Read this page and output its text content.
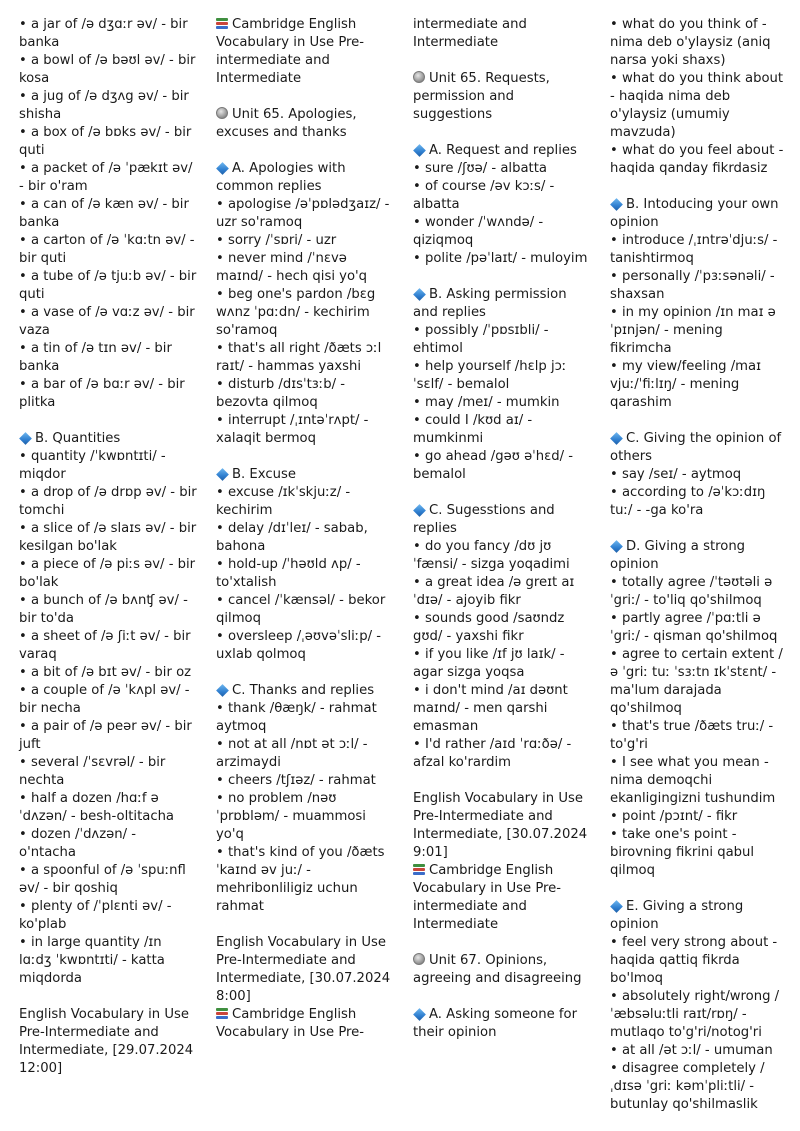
• a jar of /ə dʒɑːr əv/ - bir banka
• a bowl of /ə bəʊl əv/ - bir kosa
• a jug of /ə dʒʌg əv/ - bir shisha
• a box of /ə bɒks əv/ - bir quti
• a packet of /ə ˈpækɪt əv/ - bir o'ram
• a can of /ə kæn əv/ - bir banka
• a carton of /ə ˈkɑːtn əv/ - bir quti
• a tube of /ə tjuːb əv/ - bir quti
• a vase of /ə vɑːz əv/ - bir vaza
• a tin of /ə tɪn əv/ - bir banka
• a bar of /ə bɑːr əv/ - bir plitka
B. Quantities
• quantity /ˈkwɒntɪti/ - miqdor
• a drop of /ə drɒp əv/ - bir tomchi
• a slice of /ə slaɪs əv/ - bir kesilgan bo'lak
• a piece of /ə piːs əv/ - bir bo'lak
• a bunch of /ə bʌnʧ əv/ - bir to'da
• a sheet of /ə ʃiːt əv/ - bir varaq
• a bit of /ə bɪt əv/ - bir oz
• a couple of /ə ˈkʌpl əv/ - bir necha
• a pair of /ə peər əv/ - bir juft
• several /ˈsɛvrəl/ - bir nechta
• half a dozen /hɑːf ə ˈdʌzən/ - besh-oltitacha
• dozen /ˈdʌzən/ - o'ntacha
• a spoonful of /ə ˈspuːnfl əv/ - bir qoshiq
• plenty of /ˈplɛnti əv/ - ko'plab
• in large quantity /ɪn lɑːdʒ ˈkwɒntɪti/ - katta miqdorda
English Vocabulary in Use Pre-Intermediate and Intermediate, [29.07.2024 12:00]
Cambridge English Vocabulary in Use Pre-intermediate and Intermediate
Unit 65. Apologies, excuses and thanks
A. Apologies with common replies
• apologise /əˈpɒlədʒaɪz/ - uzr so'ramoq
• sorry /ˈsɒri/ - uzr
• never mind /ˈnɛvə maɪnd/ - hech qisi yo'q
• beg one's pardon /bɛg wʌnz ˈpɑːdn/ - kechirim so'ramoq
• that's all right /ðæts ɔːl raɪt/ - hammas yaxshi
• disturb /dɪsˈtɜːb/ - bezovta qilmoq
• interrupt /ˌɪntəˈrʌpt/ - xalaqit bermoq
B. Excuse
• excuse /ɪkˈskjuːz/ - kechirim
• delay /dɪˈleɪ/ - sabab, bahona
• hold-up /ˈhəʊld ʌp/ - to'xtalish
• cancel /ˈkænsəl/ - bekor qilmoq
• oversleep /ˌəʊvəˈsliːp/ - uxlab qolmoq
C. Thanks and replies
• thank /θæŋk/ - rahmat aytmoq
• not at all /nɒt ət ɔːl/ - arzimaydi
• cheers /tʃɪəz/ - rahmat
• no problem /nəʊ ˈprɒbləm/ - muammosi yo'q
• that's kind of you /ðæts ˈkaɪnd əv juː/ - mehribonliligiz uchun rahmat
English Vocabulary in Use Pre-Intermediate and Intermediate, [30.07.2024 8:00]
Cambridge English Vocabulary in Use Pre-
intermediate and Intermediate
Unit 65. Requests, permission and suggestions
A. Request and replies
• sure /ʃʊə/ - albatta
• of course /əv kɔːs/ - albatta
• wonder /ˈwʌndə/ - qiziqmoq
• polite /pəˈlaɪt/ - muloyim
B. Asking permission and replies
• possibly /ˈpɒsɪbli/ - ehtimol
• help yourself /hɛlp jɔːˈsɛlf/ - bemalol
• may /meɪ/ - mumkin
• could I /kʊd aɪ/ - mumkinmi
• go ahead /gəʊ əˈhɛd/ - bemalol
C. Sugesstions and replies
• do you fancy /dʊ jʊ ˈfænsi/ - sizga yoqadimi
• a great idea /ə greɪt aɪ ˈdɪə/ - ajoyib fikr
• sounds good /saʊndz gʊd/ - yaxshi fikr
• if you like /ɪf jʊ laɪk/ - agar sizga yoqsa
• i don't mind /aɪ dəʊnt maɪnd/ - men qarshi emasman
• I'd rather /aɪd ˈrɑːðə/ - afzal ko'rardim
English Vocabulary in Use Pre-Intermediate and Intermediate, [30.07.2024 9:01]
Cambridge English Vocabulary in Use Pre-intermediate and Intermediate
Unit 67. Opinions, agreeing and disagreeing
A. Asking someone for their opinion
• what do you think of - nima deb o'ylaysiz (aniq narsa yoki shaxs)
• what do you think about - haqida nima deb o'ylaysiz (umumiy mavzuda)
• what do you feel about - haqida qanday fikrdasiz
B. Intoducing your own opinion
• introduce /ˌɪntrəˈdjuːs/ - tanishtirmoq
• personally /ˈpɜːsənəli/ - shaxsan
• in my opinion /ɪn maɪ ə ˈpɪnjən/ - mening fikrimcha
• my view/feeling /maɪ vjuː/ˈfiːlɪŋ/ - mening qarashim
C. Giving the opinion of others
• say /seɪ/ - aytmoq
• according to /əˈkɔːdɪŋ tuː/ - -ga ko'ra
D. Giving a strong opinion
• totally agree /ˈtəʊtəli ə ˈgriː/ - to'liq qo'shilmoq
• partly agree /ˈpɑːtli əˈgriː/ - qisman qo'shilmoq
• agree to certain extent /ə ˈgriː tuː ˈsɜːtn ɪkˈstɛnt/ - ma'lum darajada qo'shilmoq
• that's true /ðæts truː/ - to'g'ri
• I see what you mean - nima demoqchi ekanligingizni tushundim
• point /pɔɪnt/ - fikr
• take one's point - birovning fikrini qabul qilmoq
E. Giving a strong opinion
• feel very strong about - haqida qattiq fikrda bo'lmoq
• absolutely right/wrong /ˈæbsəluːtli raɪt/rɒŋ/ - mutlaqo to'g'ri/notog'ri
• at all /ət ɔːl/ - umuman
• disagree completely /ˌdɪsə ˈgriː kəmˈpliːtli/ - butunlay qo'shilmaslik
